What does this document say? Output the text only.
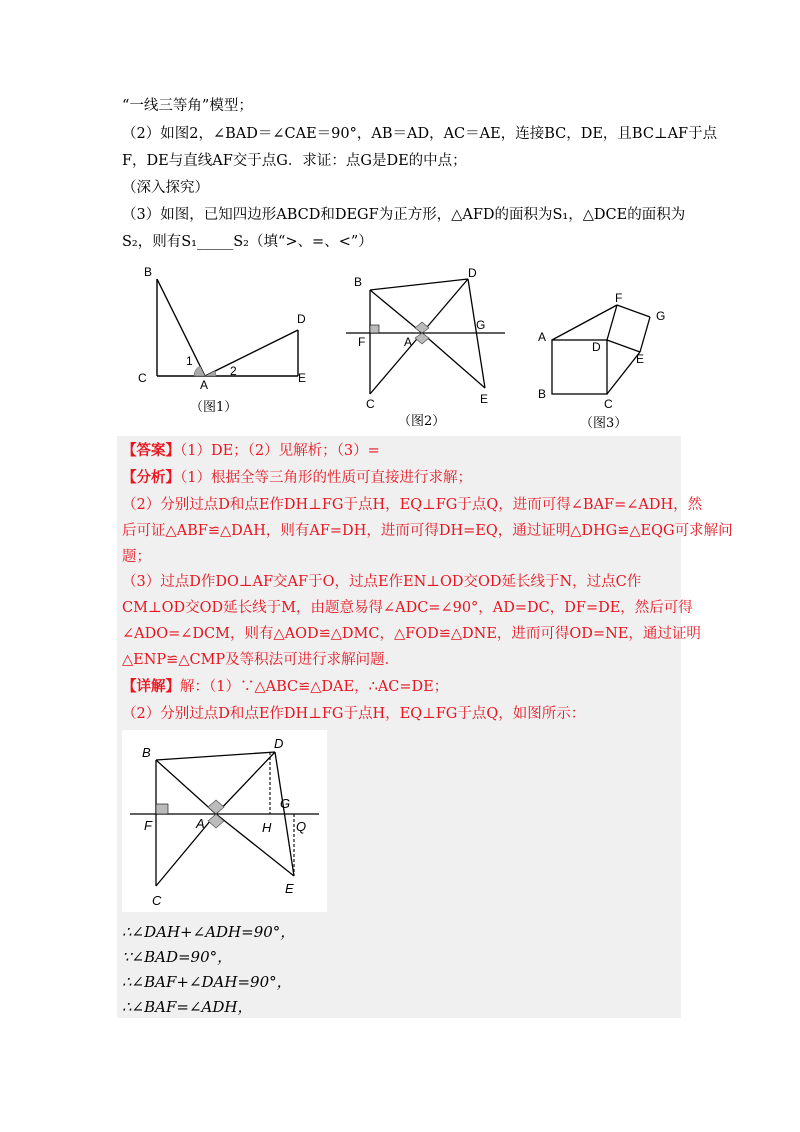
“一线三等角”模型；
（2）如图2，∠BAD＝∠CAE＝90°，AB＝AD，AC＝AE，连接BC，DE，且BC⊥AF于点
F，DE与直线AF交于点G．求证：点G是DE的中点；
（深入探究）
（3）如图，已知四边形ABCD和DEGF为正方形，△AFD的面积为S₁，△DCE的面积为
S₂，则有S₁_____S₂（填“>、=、<”）
B
C	A
D
E
1
2
（图1）
B
D
F	A
G
C	E
（图2）
F
G
A
D
E
B
C
（图3）
【答案】（1）DE；（2）见解析；（3）=
【分析】（1）根据全等三角形的性质可直接进行求解；
（2）分别过点D和点E作DH⊥FG于点H，EQ⊥FG于点Q，进而可得∠BAF=∠ADH，然
后可证△ABF≌△DAH，则有AF=DH，进而可得DH=EQ，通过证明△DHG≌△EQG可求解问
题；
（3）过点D作DO⊥AF交AF于O，过点E作EN⊥OD交OD延长线于N，过点C作
CM⊥OD交OD延长线于M，由题意易得∠ADC=∠90°，AD=DC，DF=DE，然后可得
∠ADO=∠DCM，则有△AOD≌△DMC，△FOD≌△DNE，进而可得OD=NE，通过证明
△ENP≌△CMP及等积法可进行求解问题．
【详解】解：（1）∵△ABC≌△DAE，∴AC=DE；
（2）分别过点D和点E作DH⊥FG于点H，EQ⊥FG于点Q，如图所示：
B
D
G
F	A	H Q
C
E
∴∠DAH+∠ADH=90°，
∵∠BAD=90°，
∴∠BAF+∠DAH=90°，
∴∠BAF=∠ADH，
